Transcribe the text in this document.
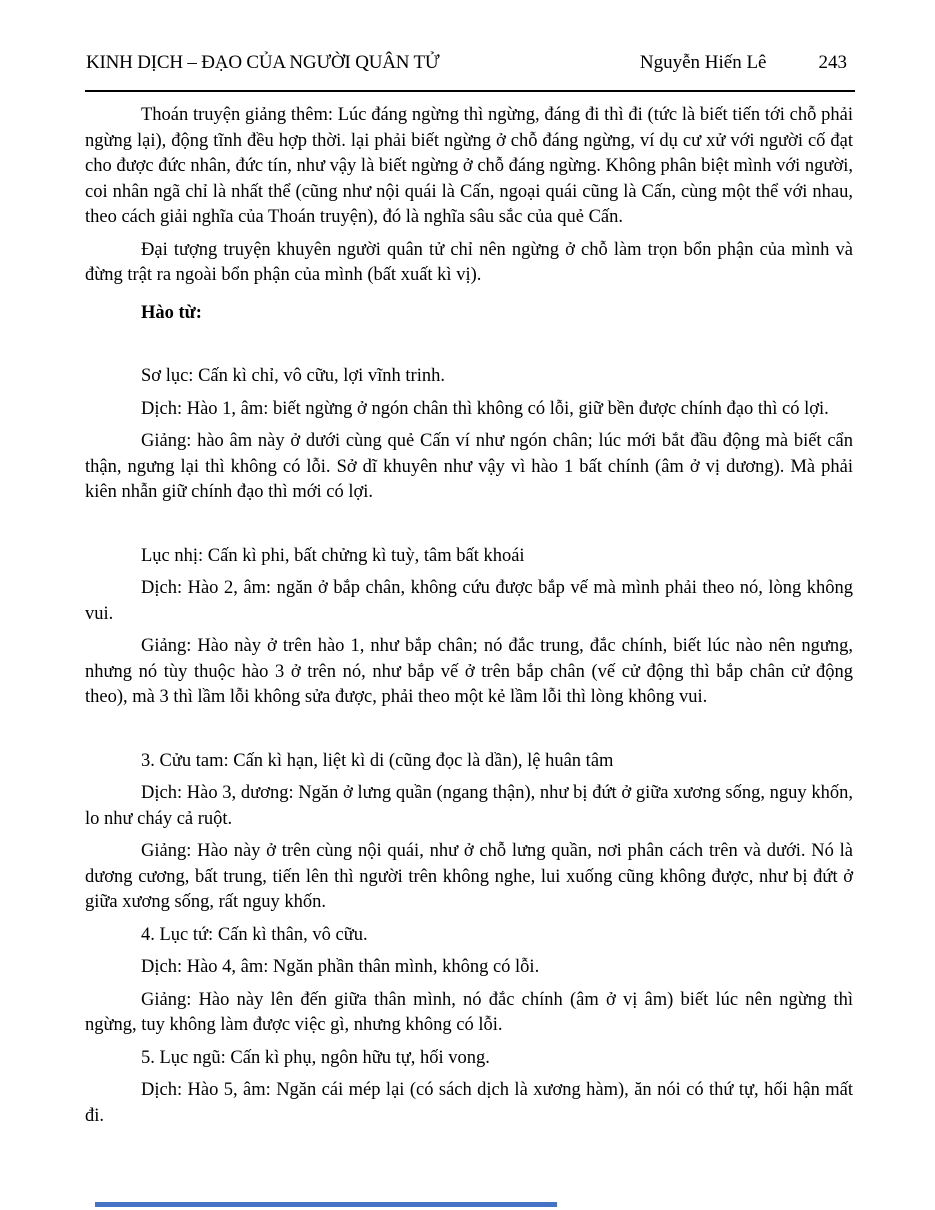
KINH DỊCH – ĐẠO CỦA NGƯỜI QUÂN TỬ	Nguyễn Hiến Lê	243

Thoán truyện giảng thêm: Lúc đáng ngừng thì ngừng, đáng đi thì đi (tức là biết tiến tới chỗ phải ngừng lại), động tĩnh đều hợp thời. lại phải biết ngừng ở chỗ đáng ngừng, ví dụ cư xử với người cố đạt cho được đức nhân, đức tín, như vậy là biết ngừng ở chỗ đáng ngừng. Không phân biệt mình với người, coi nhân ngã chỉ là nhất thể (cũng như nội quái là Cấn, ngoại quái cũng là Cấn, cùng một thể với nhau, theo cách giải nghĩa của Thoán truyện), đó là nghĩa sâu sắc của quẻ Cấn.

Đại tượng truyện khuyên người quân tử chỉ nên ngừng ở chỗ làm trọn bổn phận của mình và đừng trật ra ngoài bổn phận của mình (bất xuất kì vị).

Hào từ:

Sơ lục: Cấn kì chỉ, vô cữu, lợi vĩnh trinh.

Dịch: Hào 1, âm: biết ngừng ở ngón chân thì không có lỗi, giữ bền được chính đạo thì có lợi.

Giảng: hào âm này ở dưới cùng quẻ Cấn ví như ngón chân; lúc mới bắt đầu động mà biết cẩn thận, ngưng lại thì không có lỗi. Sở dĩ khuyên như vậy vì hào 1 bất chính (âm ở vị dương). Mà phải kiên nhẫn giữ chính đạo thì mới có lợi.

Lục nhị: Cấn kì phi, bất chửng kì tuỳ, tâm bất khoái

Dịch: Hào 2, âm: ngăn ở bắp chân, không cứu được bắp vế mà mình phải theo nó, lòng không vui.

Giảng: Hào này ở trên hào 1, như bắp chân; nó đắc trung, đắc chính, biết lúc nào nên ngưng, nhưng nó tùy thuộc hào 3 ở trên nó, như bắp vế ở trên bắp chân (vế cử động thì bắp chân cử động theo), mà 3 thì lầm lỗi không sửa được, phải theo một kẻ lầm lỗi thì lòng không vui.

3. Cửu tam: Cấn kì hạn, liệt kì di (cũng đọc là dần), lệ huân tâm

Dịch: Hào 3, dương: Ngăn ở lưng quần (ngang thận), như bị đứt ở giữa xương sống, nguy khốn, lo như cháy cả ruột.

Giảng: Hào này ở trên cùng nội quái, như ở chỗ lưng quần, nơi phân cách trên và dưới. Nó là dương cương, bất trung, tiến lên thì người trên không nghe, lui xuống cũng không được, như bị đứt ở giữa xương sống, rất nguy khốn.

4. Lục tứ: Cấn kì thân, vô cữu.

Dịch: Hào 4, âm: Ngăn phần thân mình, không có lỗi.

Giảng: Hào này lên đến giữa thân mình, nó đắc chính (âm ở vị âm) biết lúc nên ngừng thì ngừng, tuy không làm được việc gì, nhưng không có lỗi.

5. Lục ngũ: Cấn kì phụ, ngôn hữu tự, hối vong.

Dịch: Hào 5, âm: Ngăn cái mép lại (có sách dịch là xương hàm), ăn nói có thứ tự, hối hận mất đi.
